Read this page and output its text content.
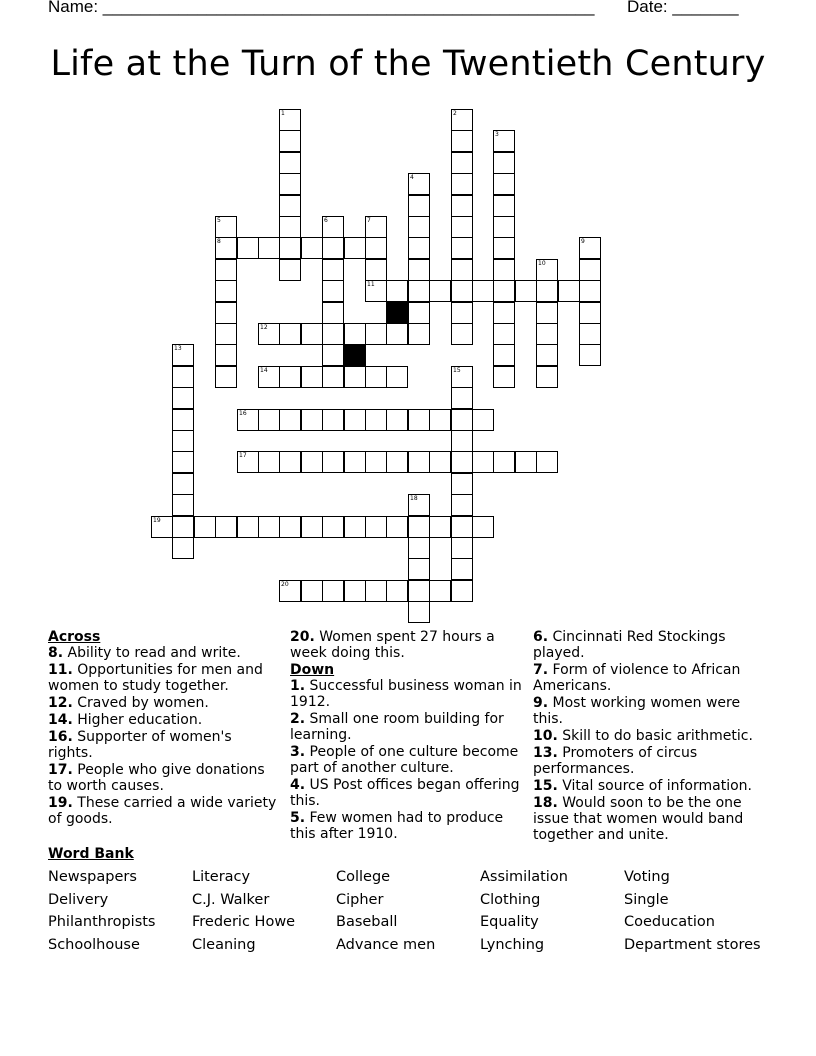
Name: ____________________________________________________ Date: _______
Life at the Turn of the Twentieth Century
8
11
12
14
16
17
19
20
1	2
3
4
5	6	7
9
10
13
15
18
Across
8. Ability to read and write.
11. Opportunities for men and women to study together.
12. Craved by women.
14. Higher education.
16. Supporter of women's rights.
17. People who give donations to worth causes.
19. These carried a wide variety of goods.
20. Women spent 27 hours a week doing this.
Down
1. Successful business woman in 1912.
2. Small one room building for learning.
3. People of one culture become part of another culture.
4. US Post offices began offering this.
5. Few women had to produce this after 1910.
6. Cincinnati Red Stockings played.
7. Form of violence to African Americans.
9. Most working women were this.
10. Skill to do basic arithmetic.
13. Promoters of circus performances.
15. Vital source of information.
18. Would soon to be the one issue that women would band together and unite.
Word Bank
Newspapers
Delivery
Philanthropists
Schoolhouse
Literacy
C.J. Walker
Frederic Howe
Cleaning
College
Cipher
Baseball
Advance men
Assimilation
Clothing
Equality
Lynching
Voting
Single
Coeducation
Department stores
